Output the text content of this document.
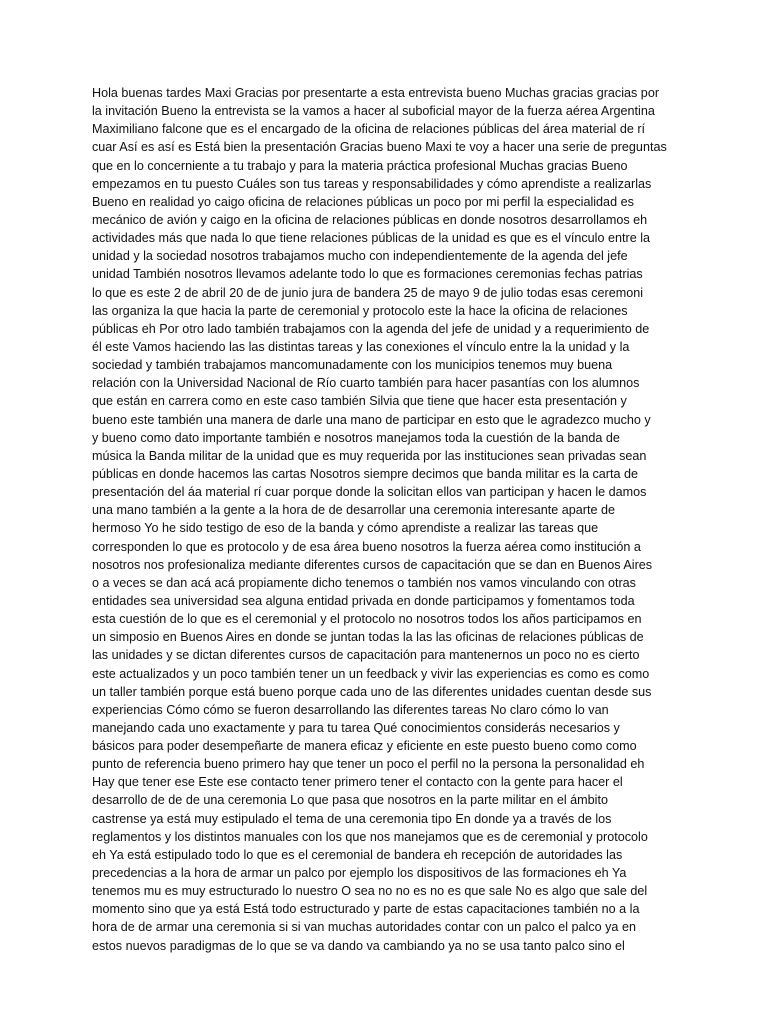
Hola buenas tardes Maxi Gracias por presentarte a esta entrevista bueno Muchas gracias gracias por
la invitación Bueno la entrevista se la vamos a hacer al suboficial mayor de la fuerza aérea Argentina
Maximiliano falcone que es el encargado de la oficina de relaciones públicas del área material de rí
cuar Así es así es Está bien la presentación Gracias bueno Maxi te voy a hacer una serie de preguntas
que en lo concerniente a tu trabajo y para la materia práctica profesional Muchas gracias Bueno
empezamos en tu puesto Cuáles son tus tareas y responsabilidades y cómo aprendiste a realizarlas
Bueno en realidad yo caigo oficina de relaciones públicas un poco por mi perfil la especialidad es
mecánico de avión y caigo en la oficina de relaciones públicas en donde nosotros desarrollamos eh
actividades más que nada lo que tiene relaciones públicas de la unidad es que es el vínculo entre la
unidad y la sociedad nosotros trabajamos mucho con independientemente de la agenda del jefe
unidad También nosotros llevamos adelante todo lo que es formaciones ceremonias fechas patrias
lo que es este 2 de abril 20 de de junio jura de bandera 25 de mayo 9 de julio todas esas ceremoni
las organiza la que hacia la parte de ceremonial y protocolo este la hace la oficina de relaciones
públicas eh Por otro lado también trabajamos con la agenda del jefe de unidad y a requerimiento de
él este Vamos haciendo las las distintas tareas y las conexiones el vínculo entre la la unidad y la
sociedad y también trabajamos mancomunadamente con los municipios tenemos muy buena
relación con la Universidad Nacional de Río cuarto también para hacer pasantías con los alumnos
que están en carrera como en este caso también Silvia que tiene que hacer esta presentación y
bueno este también una manera de darle una mano de participar en esto que le agradezco mucho y
y bueno como dato importante también e nosotros manejamos toda la cuestión de la banda de
música la Banda militar de la unidad que es muy requerida por las instituciones sean privadas sean
públicas en donde hacemos las cartas Nosotros siempre decimos que banda militar es la carta de
presentación del áa material rí cuar porque donde la solicitan ellos van participan y hacen le damos
una mano también a la gente a la hora de de desarrollar una ceremonia interesante aparte de
hermoso Yo he sido testigo de eso de la banda y cómo aprendiste a realizar las tareas que
corresponden lo que es protocolo y de esa área bueno nosotros la fuerza aérea como institución a
nosotros nos profesionaliza mediante diferentes cursos de capacitación que se dan en Buenos Aires
o a veces se dan acá acá propiamente dicho tenemos o también nos vamos vinculando con otras
entidades sea universidad sea alguna entidad privada en donde participamos y fomentamos toda
esta cuestión de lo que es el ceremonial y el protocolo no nosotros todos los años participamos en
un simposio en Buenos Aires en donde se juntan todas la las las oficinas de relaciones públicas de
las unidades y se dictan diferentes cursos de capacitación para mantenernos un poco no es cierto
este actualizados y un poco también tener un un feedback y vivir las experiencias es como es como
un taller también porque está bueno porque cada uno de las diferentes unidades cuentan desde sus
experiencias Cómo cómo se fueron desarrollando las diferentes tareas No claro cómo lo van
manejando cada uno exactamente y para tu tarea Qué conocimientos considerás necesarios y
básicos para poder desempeñarte de manera eficaz y eficiente en este puesto bueno como como
punto de referencia bueno primero hay que tener un poco el perfil no la persona la personalidad eh
Hay que tener ese Este ese contacto tener primero tener el contacto con la gente para hacer el
desarrollo de de de una ceremonia Lo que pasa que nosotros en la parte militar en el ámbito
castrense ya está muy estipulado el tema de una ceremonia tipo En donde ya a través de los
reglamentos y los distintos manuales con los que nos manejamos que es de ceremonial y protocolo
eh Ya está estipulado todo lo que es el ceremonial de bandera eh recepción de autoridades las
precedencias a la hora de armar un palco por ejemplo los dispositivos de las formaciones eh Ya
tenemos mu es muy estructurado lo nuestro O sea no no es no es que sale No es algo que sale del
momento sino que ya está Está todo estructurado y parte de estas capacitaciones también no a la
hora de de armar una ceremonia si si van muchas autoridades contar con un palco el palco ya en
estos nuevos paradigmas de lo que se va dando va cambiando ya no se usa tanto palco sino el
